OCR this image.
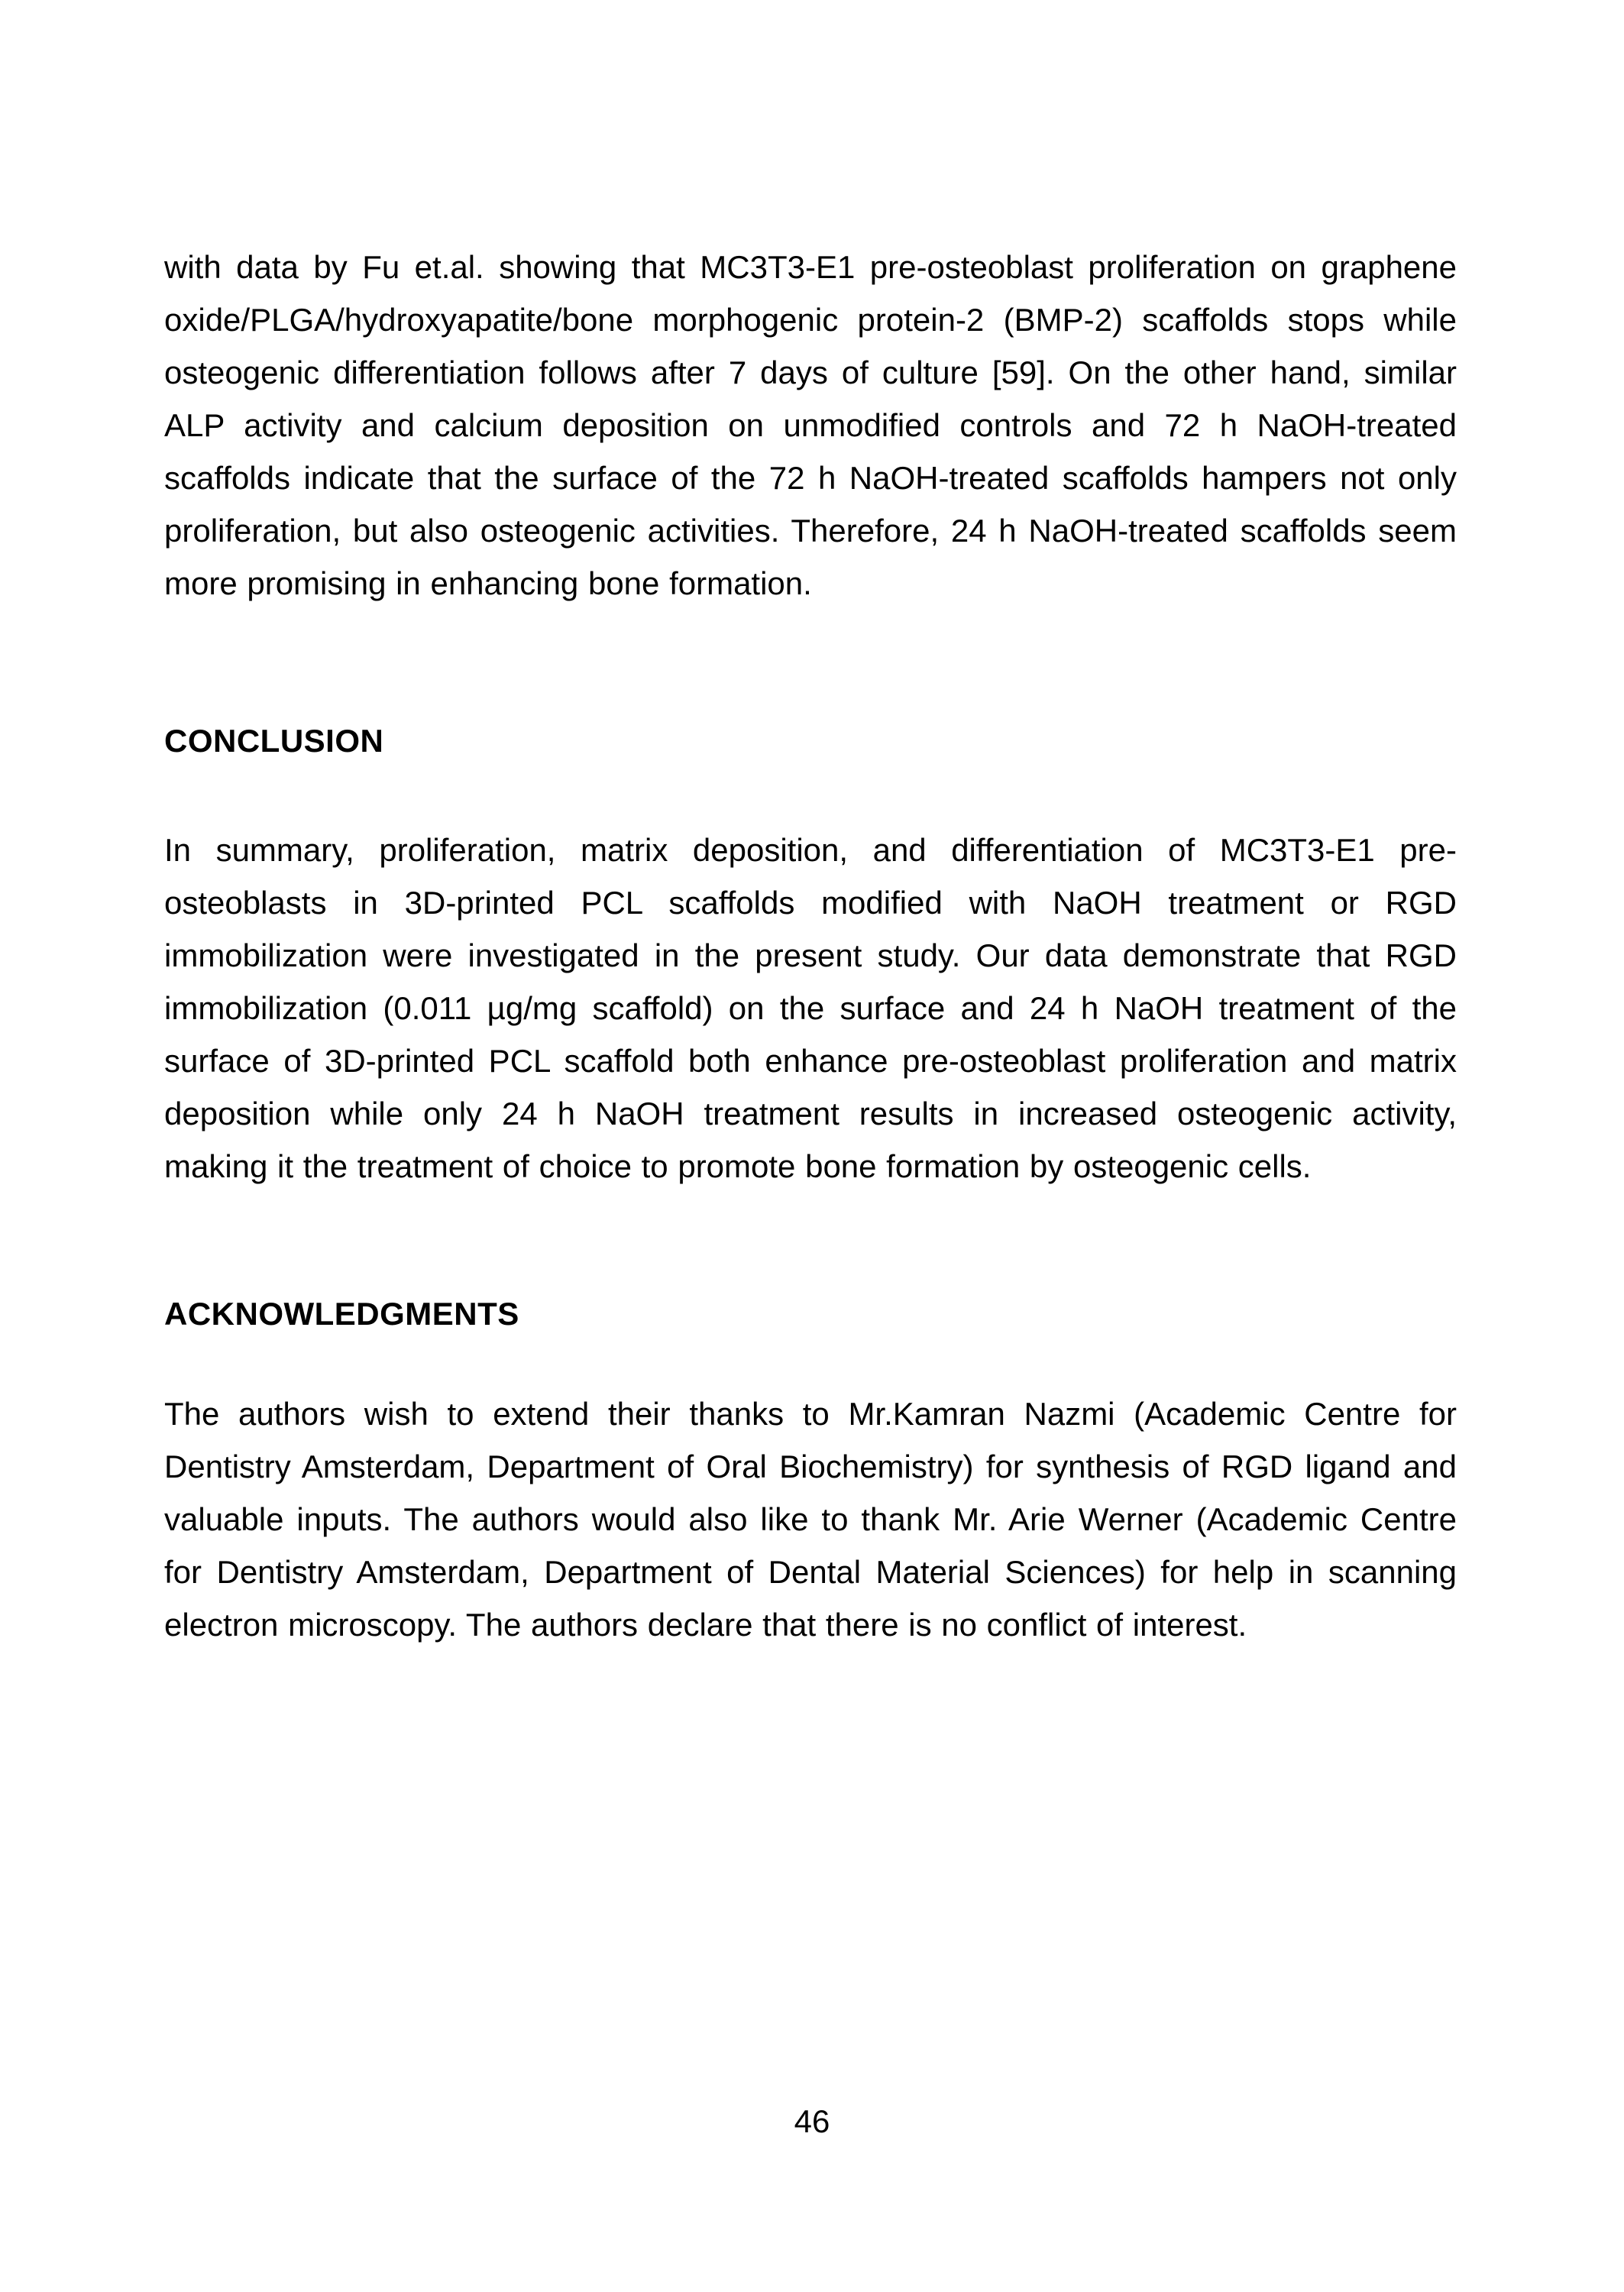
with data by Fu et.al. showing that MC3T3-E1 pre-osteoblast proliferation on graphene oxide/PLGA/hydroxyapatite/bone morphogenic protein-2 (BMP-2) scaffolds stops while osteogenic differentiation follows after 7 days of culture [59]. On the other hand, similar ALP activity and calcium deposition on unmodified controls and 72 h NaOH-treated scaffolds indicate that the surface of the 72 h NaOH-treated scaffolds hampers not only proliferation, but also osteogenic activities. Therefore, 24 h NaOH-treated scaffolds seem more promising in enhancing bone formation.

CONCLUSION

In summary, proliferation, matrix deposition, and differentiation of MC3T3-E1 pre-osteoblasts in 3D-printed PCL scaffolds modified with NaOH treatment or RGD immobilization were investigated in the present study. Our data demonstrate that RGD immobilization (0.011 µg/mg scaffold) on the surface and 24 h NaOH treatment of the surface of 3D-printed PCL scaffold both enhance pre-osteoblast proliferation and matrix deposition while only 24 h NaOH treatment results in increased osteogenic activity, making it the treatment of choice to promote bone formation by osteogenic cells.

ACKNOWLEDGMENTS

The authors wish to extend their thanks to Mr.Kamran Nazmi (Academic Centre for Dentistry Amsterdam, Department of Oral Biochemistry) for synthesis of RGD ligand and valuable inputs. The authors would also like to thank Mr. Arie Werner (Academic Centre for Dentistry Amsterdam, Department of Dental Material Sciences) for help in scanning electron microscopy. The authors declare that there is no conflict of interest.

46
